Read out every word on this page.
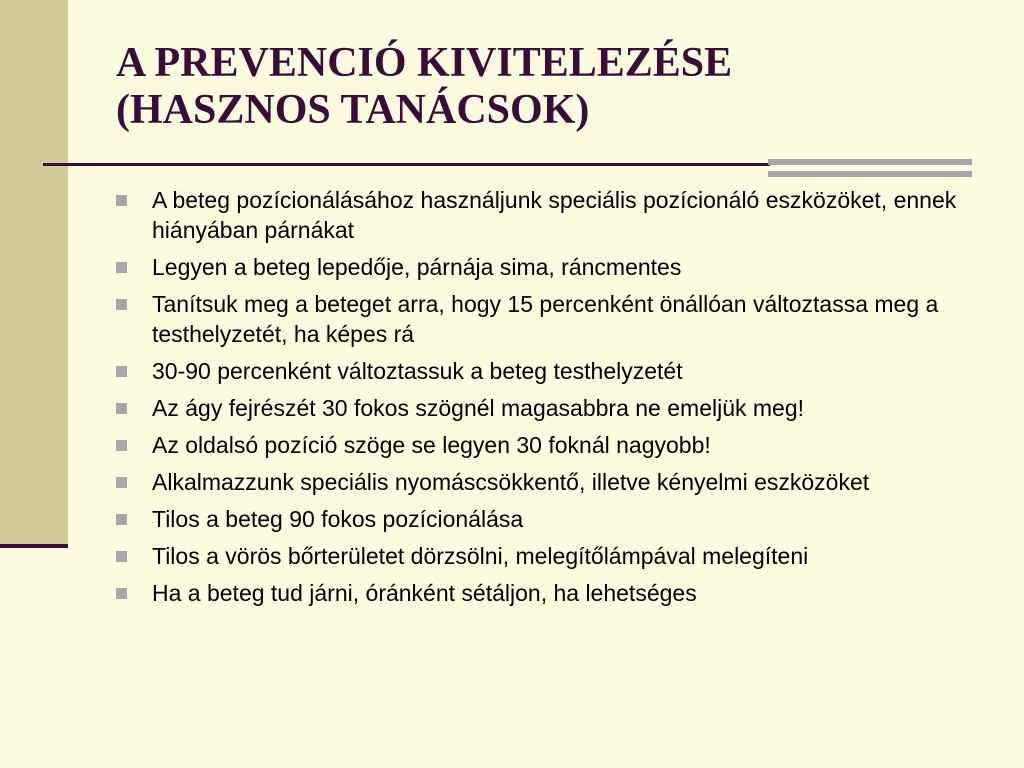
A PREVENCIÓ KIVITELEZÉSE
(HASZNOS TANÁCSOK)
A beteg pozícionálásához használjunk speciális pozícionáló eszközöket, ennek hiányában párnákat
Legyen a beteg lepedője, párnája sima, ráncmentes
Tanítsuk meg a beteget arra, hogy 15 percenként önállóan változtassa meg a testhelyzetét, ha képes rá
30-90 percenként változtassuk a beteg testhelyzetét
Az ágy fejrészét 30 fokos szögnél magasabbra ne emeljük meg!
Az oldalsó pozíció szöge se legyen 30 foknál nagyobb!
Alkalmazzunk speciális nyomáscsökkentő, illetve kényelmi eszközöket
Tilos a beteg 90 fokos pozícionálása
Tilos a vörös bőrterületet dörzsölni, melegítőlámpával melegíteni
Ha a beteg tud járni, óránként sétáljon, ha lehetséges
